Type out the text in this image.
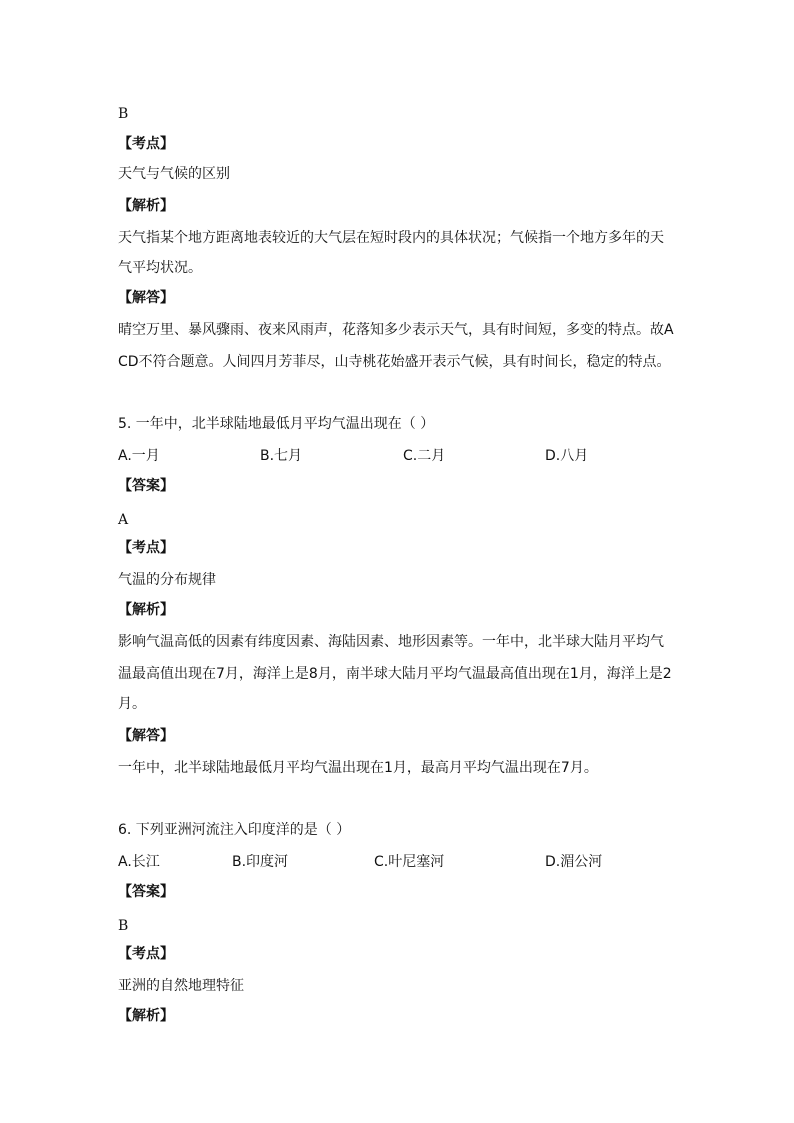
B
【考点】
天气与气候的区别
【解析】
天气指某个地方距离地表较近的大气层在短时段内的具体状况；气候指一个地方多年的天
气平均状况。
【解答】
晴空万里、暴风骤雨、夜来风雨声，花落知多少表示天气，具有时间短，多变的特点。故A
CD不符合题意。人间四月芳菲尽，山寺桃花始盛开表示气候，具有时间长，稳定的特点。
5. 一年中，北半球陆地最低月平均气温出现在（ ）
A.一月	B.七月	C.二月	D.八月
【答案】
A
【考点】
气温的分布规律
【解析】
影响气温高低的因素有纬度因素、海陆因素、地形因素等。一年中，北半球大陆月平均气
温最高值出现在7月，海洋上是8月，南半球大陆月平均气温最高值出现在1月，海洋上是2
月。
【解答】
一年中，北半球陆地最低月平均气温出现在1月，最高月平均气温出现在7月。
6. 下列亚洲河流注入印度洋的是（ ）
A.长江	B.印度河	C.叶尼塞河	D.湄公河
【答案】
B
【考点】
亚洲的自然地理特征
【解析】
